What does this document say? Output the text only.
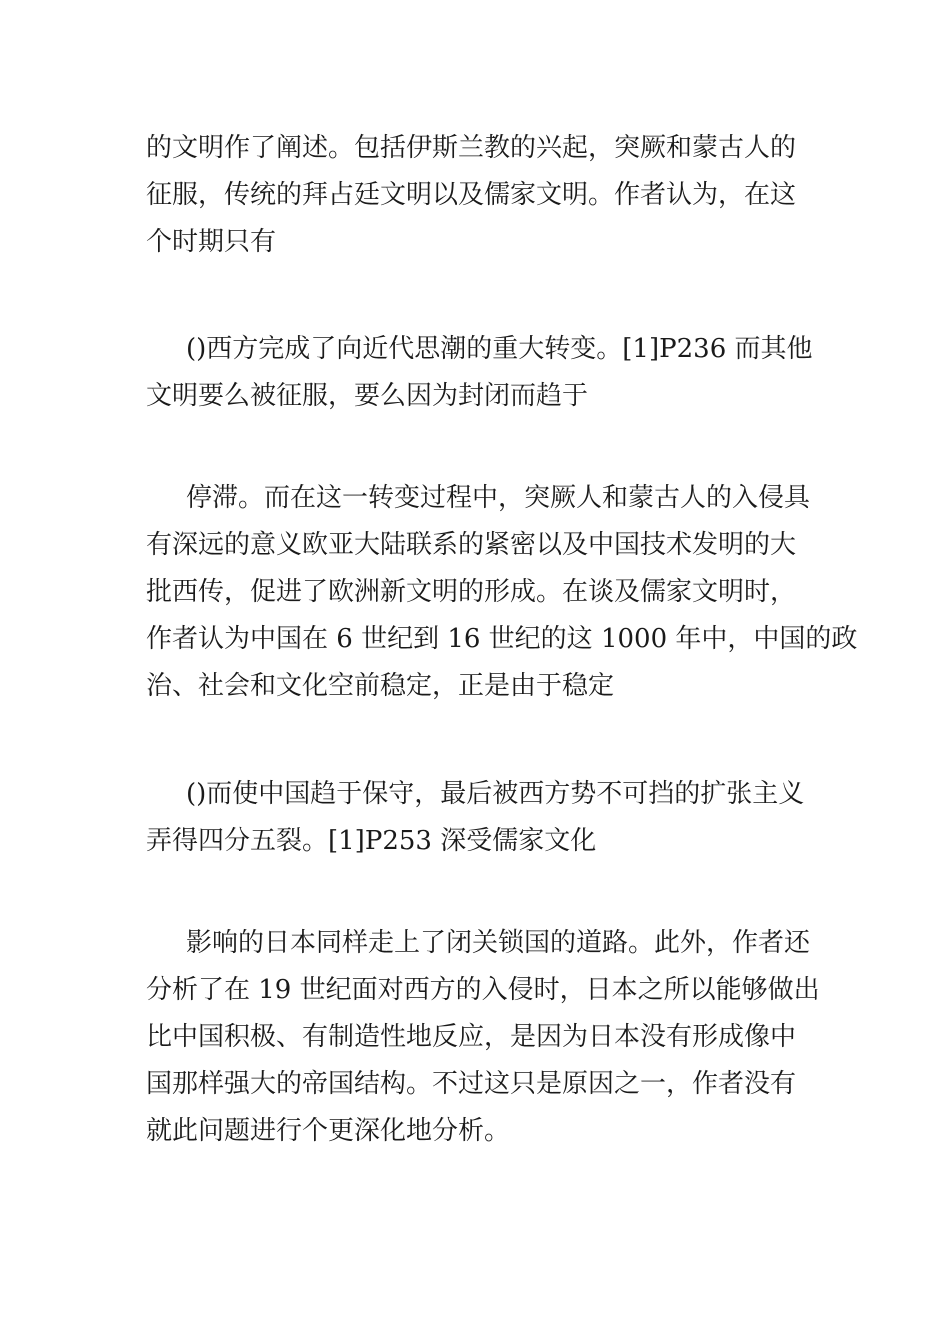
的文明作了阐述。包括伊斯兰教的兴起，突厥和蒙古人的
征服，传统的拜占廷文明以及儒家文明。作者认为，在这
个时期只有

()西方完成了向近代思潮的重大转变。[1]P236 而其他
文明要么被征服，要么因为封闭而趋于

停滞。而在这一转变过程中，突厥人和蒙古人的入侵具
有深远的意义欧亚大陆联系的紧密以及中国技术发明的大
批西传，促进了欧洲新文明的形成。在谈及儒家文明时，
作者认为中国在 6 世纪到 16 世纪的这 1000 年中，中国的政
治、社会和文化空前稳定，正是由于稳定

()而使中国趋于保守，最后被西方势不可挡的扩张主义
弄得四分五裂。[1]P253 深受儒家文化

影响的日本同样走上了闭关锁国的道路。此外，作者还
分析了在 19 世纪面对西方的入侵时，日本之所以能够做出
比中国积极、有制造性地反应，是因为日本没有形成像中
国那样强大的帝国结构。不过这只是原因之一，作者没有
就此问题进行个更深化地分析。
